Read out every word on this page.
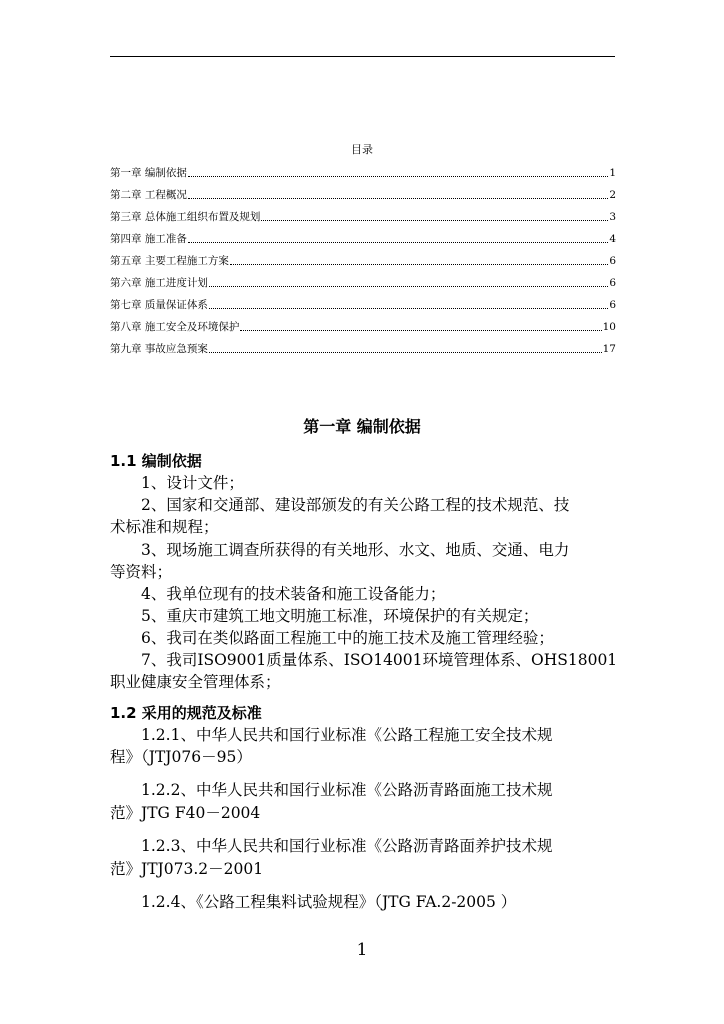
目录
第一章 编制依据	1
第二章 工程概况	2
第三章 总体施工组织布置及规划	3
第四章 施工准备	4
第五章 主要工程施工方案	6
第六章 施工进度计划	6
第七章 质量保证体系	6
第八章 施工安全及环境保护	10
第九章 事故应急预案	17
第一章 编制依据
1.1 编制依据
1、设计文件；
2、国家和交通部、建设部颁发的有关公路工程的技术规范、技
术标准和规程；
3、现场施工调查所获得的有关地形、水文、地质、交通、电力
等资料；
4、我单位现有的技术装备和施工设备能力；
5、重庆市建筑工地文明施工标准，环境保护的有关规定；
6、我司在类似路面工程施工中的施工技术及施工管理经验；
7、我司ISO9001质量体系、ISO14001环境管理体系、OHS18001
职业健康安全管理体系；
1.2 采用的规范及标准
1.2.1、中华人民共和国行业标准《公路工程施工安全技术规
程》（JTJ076－95）
1.2.2、中华人民共和国行业标准《公路沥青路面施工技术规
范》JTG F40－2004
1.2.3、中华人民共和国行业标准《公路沥青路面养护技术规
范》JTJ073.2－2001
1.2.4、《公路工程集料试验规程》（JTG FA.2-2005 ）
1
